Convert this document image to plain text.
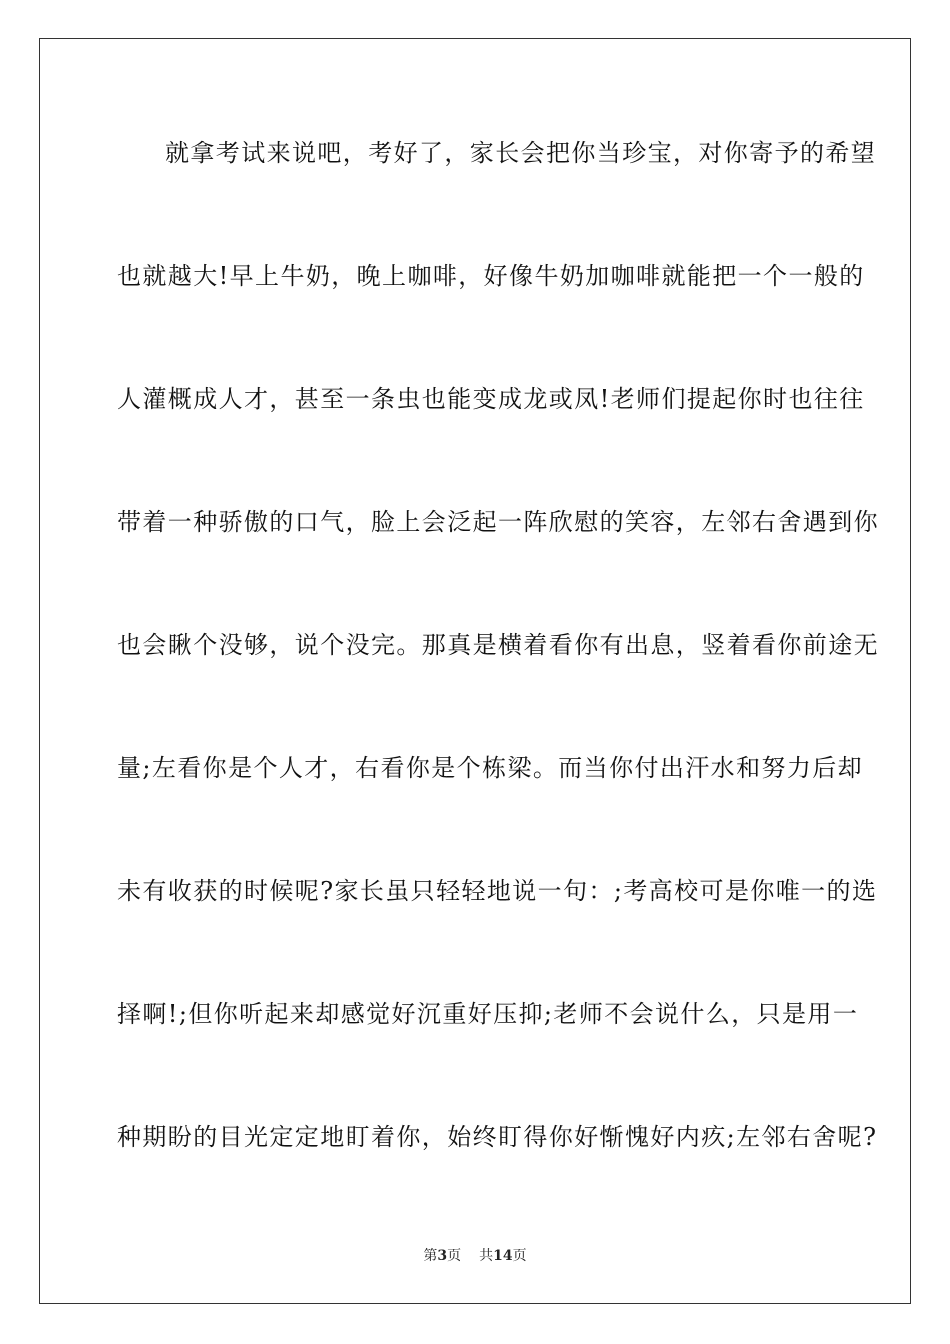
就拿考试来说吧，考好了，家长会把你当珍宝，对你寄予的希望
也就越大!早上牛奶，晚上咖啡，好像牛奶加咖啡就能把一个一般的
人灌概成人才，甚至一条虫也能变成龙或凤!老师们提起你时也往往
带着一种骄傲的口气，脸上会泛起一阵欣慰的笑容，左邻右舍遇到你
也会瞅个没够，说个没完。那真是横着看你有出息，竖着看你前途无
量;左看你是个人才，右看你是个栋梁。而当你付出汗水和努力后却
未有收获的时候呢?家长虽只轻轻地说一句：;考高校可是你唯一的选
择啊!;但你听起来却感觉好沉重好压抑;老师不会说什么，只是用一
种期盼的目光定定地盯着你，始终盯得你好惭愧好内疚;左邻右舍呢?
第3页 共14页
